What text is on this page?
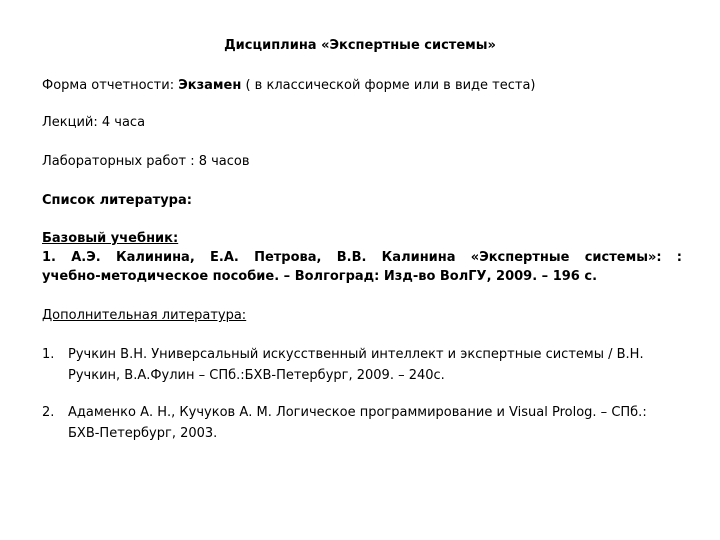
Дисциплина «Экспертные системы»
Форма отчетности: Экзамен ( в классической форме или в виде теста)
Лекций: 4 часа
Лабораторных работ : 8 часов
Список литература:
Базовый учебник:
1. А.Э. Калинина, Е.А. Петрова, В.В. Калинина «Экспертные системы»: :
учебно-методическое пособие. – Волгоград: Изд-во ВолГУ, 2009. – 196 с.
Дополнительная литература:
1. Ручкин В.Н. Универсальный искусственный интеллект и экспертные системы / В.Н.
Ручкин, В.А.Фулин – СПб.:БХВ-Петербург, 2009. – 240с.
2. Адаменко А. Н., Кучуков А. М. Логическое программирование и Visual Prolog. – СПб.:
БХВ-Петербург, 2003.
